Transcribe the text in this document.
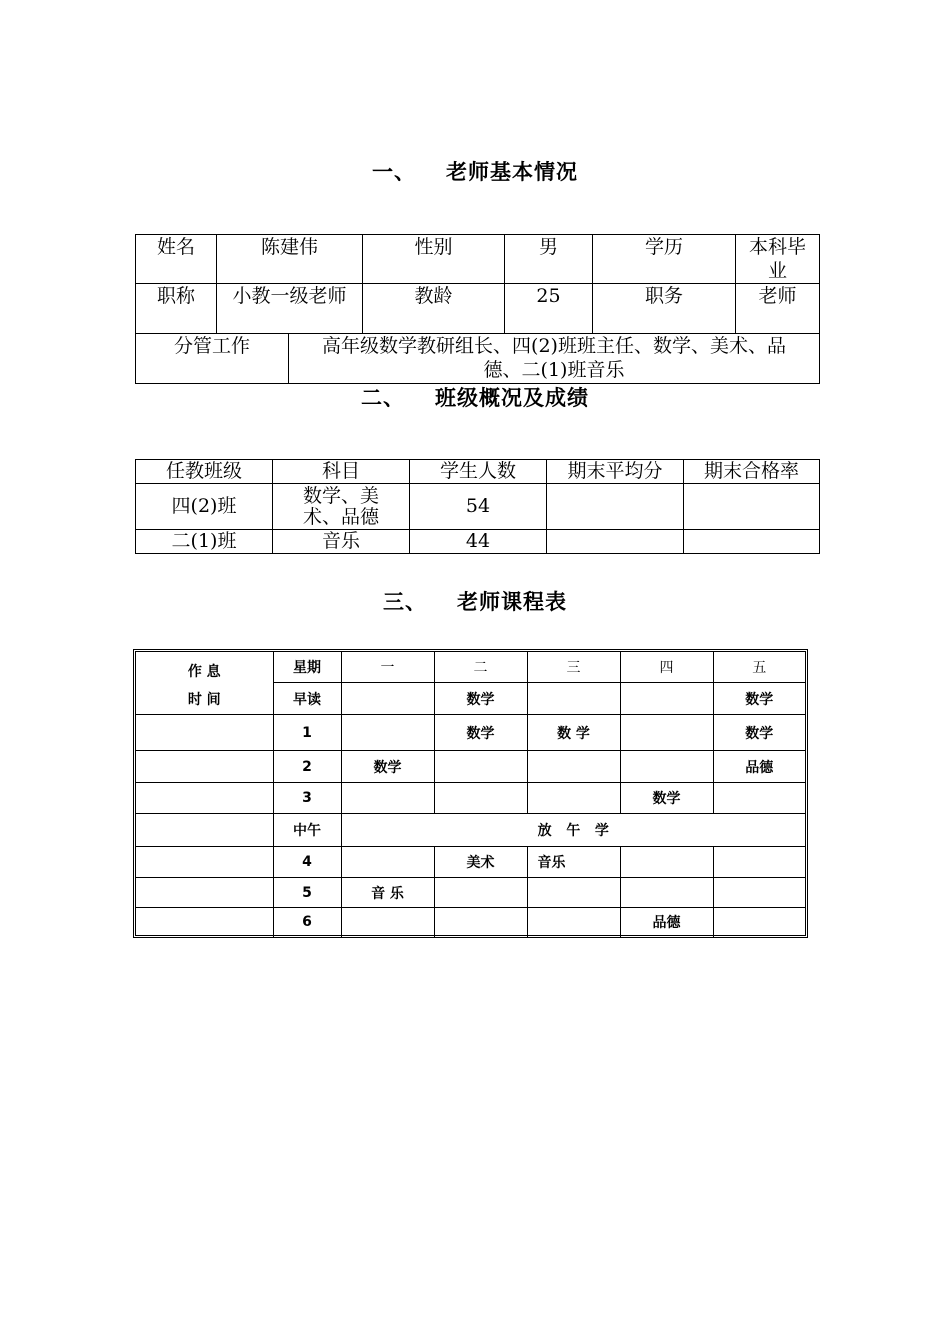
一、 老师基本情况
姓名	陈建伟		性别	男	学历	本科毕业
职称	小教一级老师		教龄	25	职务	老师
分管工作		高年级数学教研组长、四(2)班班主任、数学、美术、品德、二(1)班音乐				
二、 班级概况及成绩
任教班级	科目	学生人数	期末平均分	期末合格率
四(2)班	数学、美术、品德	54		
二(1)班	音乐	44		
三、 老师课程表
作 息 时 间	星期	一	二	三	四	五
	早读		数学			数学
	1		数学	数 学		数学
	2	数学				品德
	3				数学	
	中午	放   午   学				
	4		美术	音乐		
	5	音 乐				
	6				品德	
